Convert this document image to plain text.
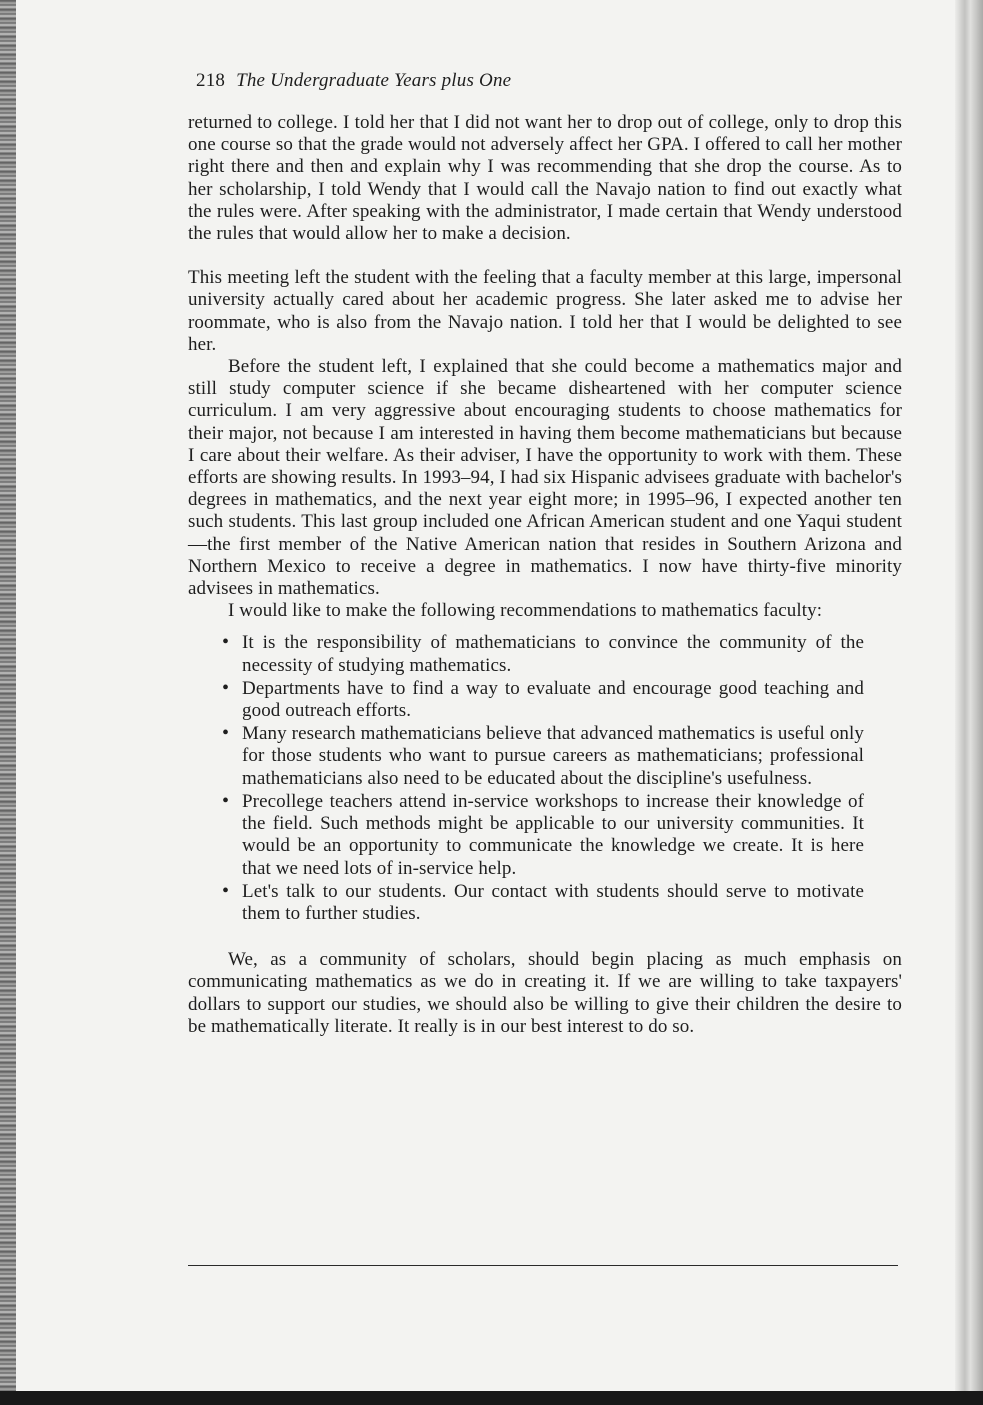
218 The Undergraduate Years plus One

returned to college. I told her that I did not want her to drop out of college, only to drop this one course so that the grade would not adversely affect her GPA. I offered to call her mother right there and then and explain why I was recommending that she drop the course. As to her scholarship, I told Wendy that I would call the Navajo nation to find out exactly what the rules were. After speaking with the administrator, I made certain that Wendy understood the rules that would allow her to make a decision.

This meeting left the student with the feeling that a faculty member at this large, impersonal university actually cared about her academic progress. She later asked me to advise her roommate, who is also from the Navajo nation. I told her that I would be delighted to see her.

Before the student left, I explained that she could become a mathematics major and still study computer science if she became disheartened with her computer science curriculum. I am very aggressive about encouraging students to choose mathematics for their major, not because I am interested in having them become mathematicians but because I care about their welfare. As their adviser, I have the opportunity to work with them. These efforts are showing results. In 1993–94, I had six Hispanic advisees graduate with bachelor's degrees in mathematics, and the next year eight more; in 1995–96, I expected another ten such students. This last group included one African American student and one Yaqui student—the first member of the Native American nation that resides in Southern Arizona and Northern Mexico to receive a degree in mathematics. I now have thirty-five minority advisees in mathematics.

I would like to make the following recommendations to mathematics faculty:

• It is the responsibility of mathematicians to convince the community of the necessity of studying mathematics.
• Departments have to find a way to evaluate and encourage good teaching and good outreach efforts.
• Many research mathematicians believe that advanced mathematics is useful only for those students who want to pursue careers as mathematicians; professional mathematicians also need to be educated about the discipline's usefulness.
• Precollege teachers attend in-service workshops to increase their knowledge of the field. Such methods might be applicable to our university communities. It would be an opportunity to communicate the knowledge we create. It is here that we need lots of in-service help.
• Let's talk to our students. Our contact with students should serve to motivate them to further studies.

We, as a community of scholars, should begin placing as much emphasis on communicating mathematics as we do in creating it. If we are willing to take taxpayers' dollars to support our studies, we should also be willing to give their children the desire to be mathematically literate. It really is in our best interest to do so.
